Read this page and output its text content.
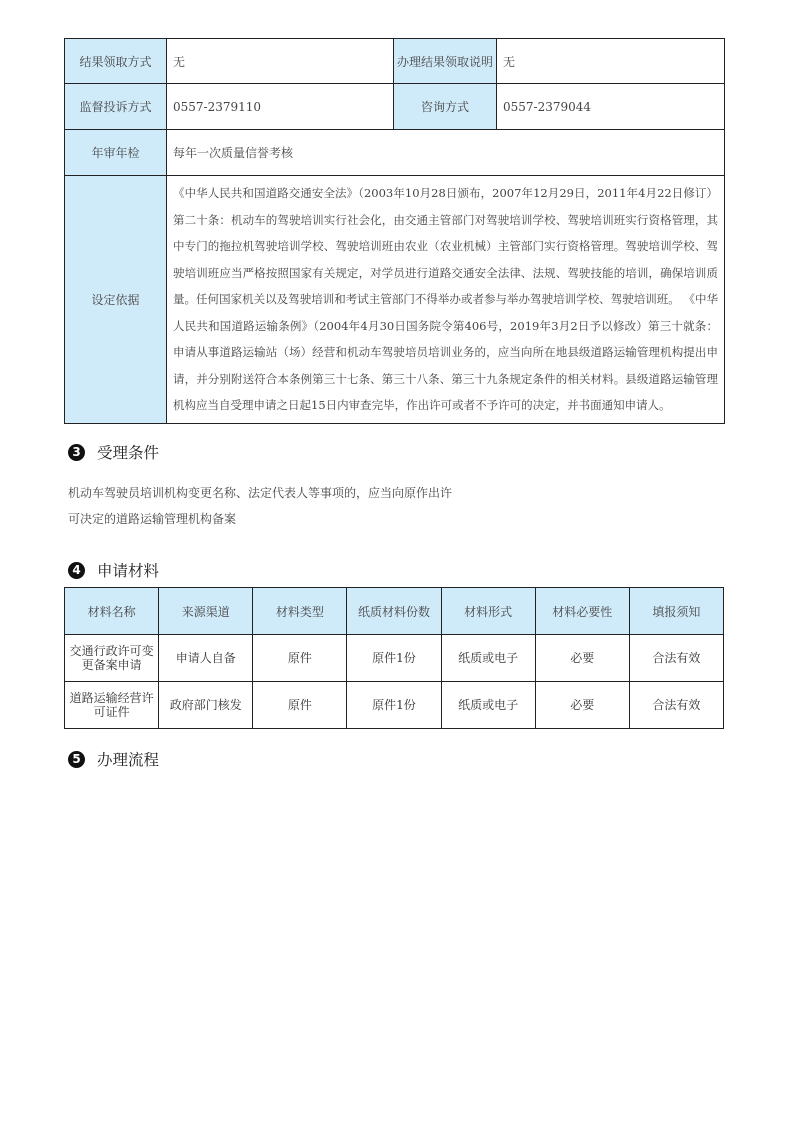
结果领取方式	无	办理结果领取说明	无
监督投诉方式	0557-2379110	咨询方式	0557-2379044
年审年检	每年一次质量信誉考核		
设定依据	《中华人民共和国道路交通安全法》（2003年10月28日颁布，2007年12月29日，2011年4月22日修订）第二十条：机动车的驾驶培训实行社会化，由交通主管部门对驾驶培训学校、驾驶培训班实行资格管理，其中专门的拖拉机驾驶培训学校、驾驶培训班由农业（农业机械）主管部门实行资格管理。驾驶培训学校、驾驶培训班应当严格按照国家有关规定，对学员进行道路交通安全法律、法规、驾驶技能的培训，确保培训质量。任何国家机关以及驾驶培训和考试主管部门不得举办或者参与举办驾驶培训学校、驾驶培训班。 《中华人民共和国道路运输条例》（2004年4月30日国务院令第406号，2019年3月2日予以修改）第三十就条：申请从事道路运输站（场）经营和机动车驾驶培员培训业务的，应当向所在地县级道路运输管理机构提出申请，并分别附送符合本条例第三十七条、第三十八条、第三十九条规定条件的相关材料。县级道路运输管理机构应当自受理申请之日起15日内审查完毕，作出许可或者不予许可的决定，并书面通知申请人。		
3 受理条件
机动车驾驶员培训机构变更名称、法定代表人等事项的，应当向原作出许
可决定的道路运输管理机构备案
4 申请材料
材料名称	来源渠道	材料类型	纸质材料份数	材料形式	材料必要性	填报须知
交通行政许可变更备案申请	申请人自备	原件	原件1份	纸质或电子	必要	合法有效
道路运输经营许可证件	政府部门核发	原件	原件1份	纸质或电子	必要	合法有效
5 办理流程
